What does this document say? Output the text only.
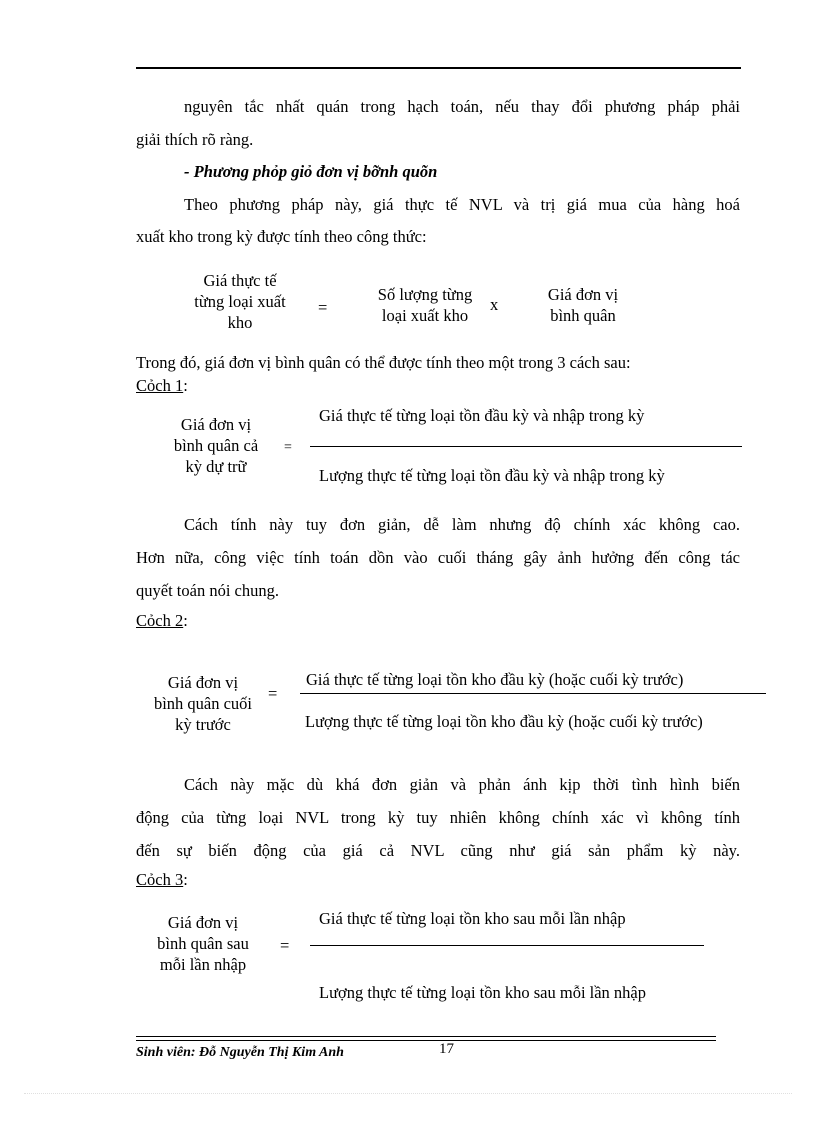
nguyên tắc nhất quán trong hạch toán, nếu thay đổi phương pháp phải
giải thích rõ ràng.
- Phương phỏp giỏ đơn vị bỡnh quõn
Theo phương pháp này, giá thực tế NVL và trị giá mua của hàng hoá
xuất kho trong kỳ được tính theo công thức:
Giá thực tế
từng loại xuất
kho
=
Số lượng từng
loại xuất kho
x
Giá đơn vị
bình quân
Trong đó, giá đơn vị bình quân có thể được tính theo một trong 3 cách sau:
Cỏch 1:
Giá đơn vị
bình quân cả
kỳ dự trữ
=
Giá thực tế từng loại tồn đầu kỳ và nhập trong kỳ
Lượng thực tế từng loại tồn đầu kỳ và nhập trong kỳ
Cách tính này tuy đơn giản, dễ làm nhưng độ chính xác không cao.
Hơn nữa, công việc tính toán dồn vào cuối tháng gây ảnh hưởng đến công tác
quyết toán nói chung.
Cỏch 2:
Giá đơn vị
bình quân cuối
kỳ trước
=
Giá thực tế từng loại tồn kho đầu kỳ (hoặc cuối kỳ trước)
Lượng thực tế từng loại tồn kho đầu kỳ (hoặc cuối kỳ trước)
Cách này mặc dù khá đơn giản và phản ánh kịp thời tình hình biến
động của từng loại NVL trong kỳ tuy nhiên không chính xác vì không tính
đến sự biến động của giá cả NVL cũng như giá sản phẩm kỳ này.
Cỏch 3:
Giá đơn vị
bình quân sau
mỗi lần nhập
=
Giá thực tế từng loại tồn kho sau mỗi lần nhập
Lượng thực tế từng loại tồn kho sau mỗi lần nhập
Sinh viên: Đỗ Nguyễn Thị Kim Anh	17
